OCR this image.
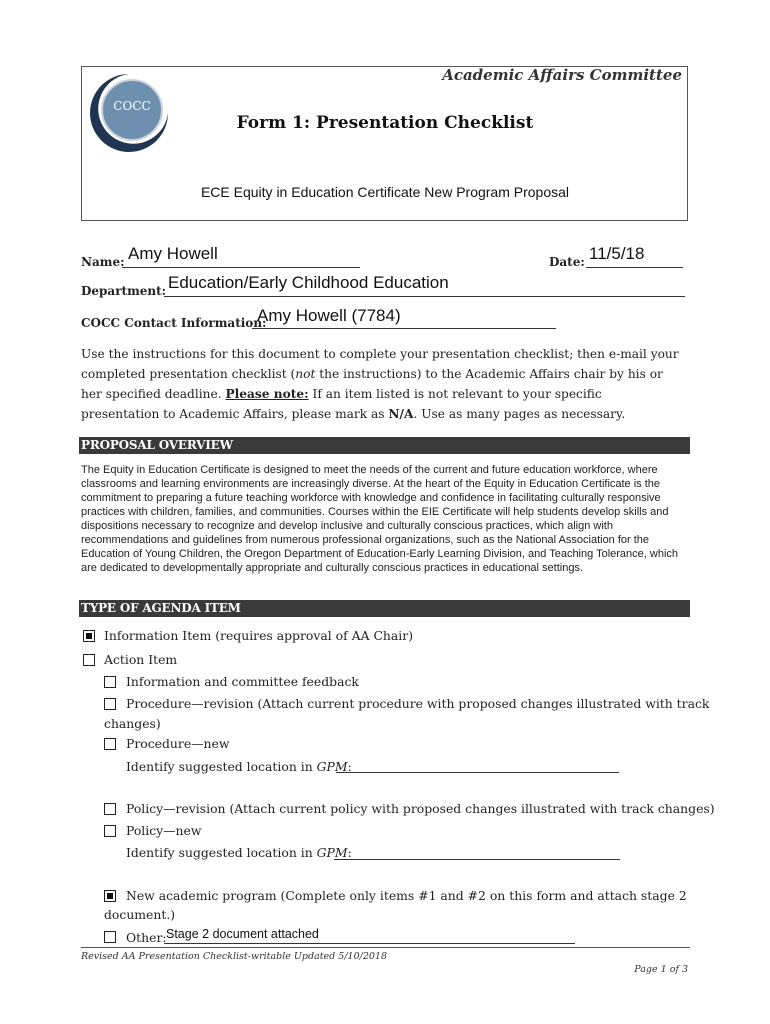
COCC
Academic Affairs Committee
Form 1: Presentation Checklist
ECE Equity in Education Certificate New Program Proposal
Name: Amy Howell	Date: 11/5/18
Department: Education/Early Childhood Education
COCC Contact Information:
Amy Howell (7784)
Use the instructions for this document to complete your presentation checklist; then e-mail your completed presentation checklist (not the instructions) to the Academic Affairs chair by his or her specified deadline. Please note: If an item listed is not relevant to your specific presentation to Academic Affairs, please mark as N/A. Use as many pages as necessary.
PROPOSAL OVERVIEW
The Equity in Education Certificate is designed to meet the needs of the current and future education workforce, where classrooms and learning environments are increasingly diverse. At the heart of the Equity in Education Certificate is the commitment to preparing a future teaching workforce with knowledge and confidence in facilitating culturally responsive practices with children, families, and communities. Courses within the EIE Certificate will help students develop skills and dispositions necessary to recognize and develop inclusive and culturally conscious practices, which align with recommendations and guidelines from numerous professional organizations, such as the National Association for the Education of Young Children, the Oregon Department of Education-Early Learning Division, and Teaching Tolerance, which are dedicated to developmentally appropriate and culturally conscious practices in educational settings.
TYPE OF AGENDA ITEM
Information Item (requires approval of AA Chair)
Action Item
Information and committee feedback
Procedure—revision (Attach current procedure with proposed changes illustrated with track
changes)
Procedure—new
Identify suggested location in GPM:
Policy—revision (Attach current policy with proposed changes illustrated with track changes)
Policy—new
Identify suggested location in GPM:
New academic program (Complete only items #1 and #2 on this form and attach stage 2
document.)
Other: Stage 2 document attached
Revised AA Presentation Checklist-writable Updated 5/10/2018
Page 1 of 3
